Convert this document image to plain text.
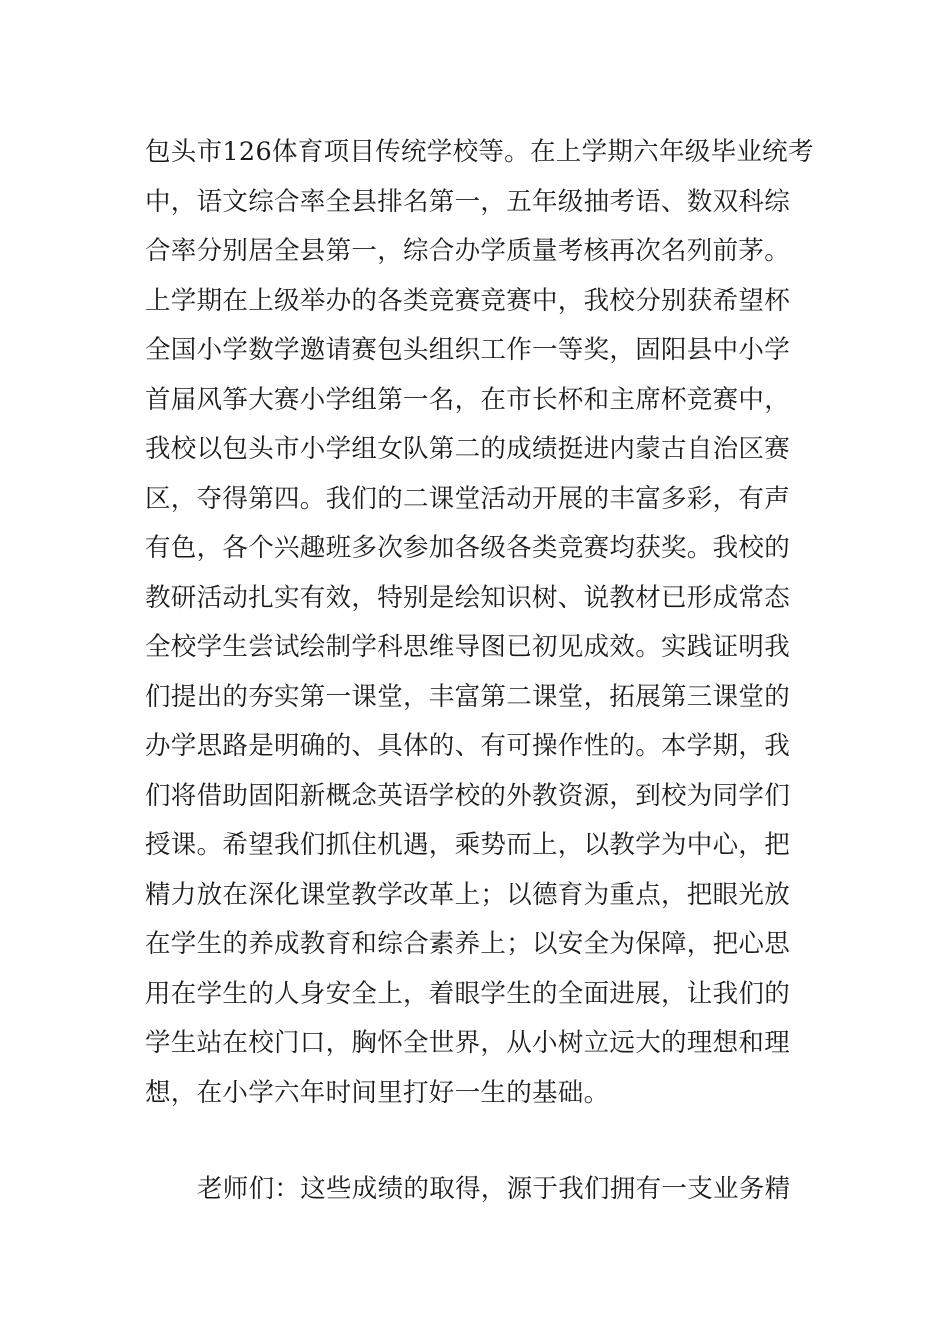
包头市126体育项目传统学校等。在上学期六年级毕业统考
中，语文综合率全县排名第一，五年级抽考语、数双科综
合率分别居全县第一，综合办学质量考核再次名列前茅。
上学期在上级举办的各类竞赛竞赛中，我校分别获希望杯
全国小学数学邀请赛包头组织工作一等奖，固阳县中小学
首届风筝大赛小学组第一名，在市长杯和主席杯竞赛中，
我校以包头市小学组女队第二的成绩挺进内蒙古自治区赛
区，夺得第四。我们的二课堂活动开展的丰富多彩，有声
有色，各个兴趣班多次参加各级各类竞赛均获奖。我校的
教研活动扎实有效，特别是绘知识树、说教材已形成常态
全校学生尝试绘制学科思维导图已初见成效。实践证明我
们提出的夯实第一课堂，丰富第二课堂，拓展第三课堂的
办学思路是明确的、具体的、有可操作性的。本学期，我
们将借助固阳新概念英语学校的外教资源，到校为同学们
授课。希望我们抓住机遇，乘势而上，以教学为中心，把
精力放在深化课堂教学改革上；以德育为重点，把眼光放
在学生的养成教育和综合素养上；以安全为保障，把心思
用在学生的人身安全上，着眼学生的全面进展，让我们的
学生站在校门口，胸怀全世界，从小树立远大的理想和理
想，在小学六年时间里打好一生的基础。
老师们：这些成绩的取得，源于我们拥有一支业务精
